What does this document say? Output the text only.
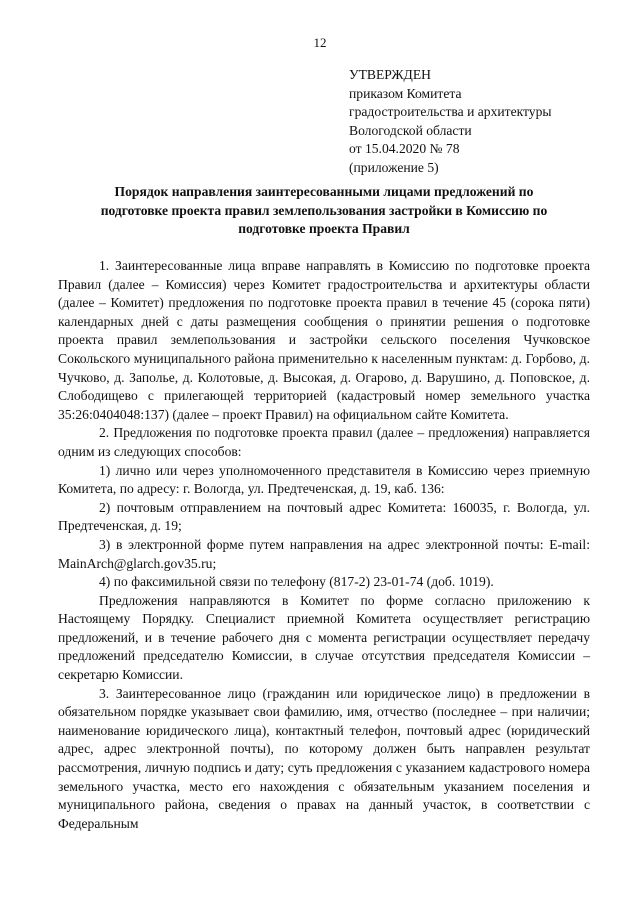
12
УТВЕРЖДЕН
приказом Комитета
градостроительства и архитектуры
Вологодской области
от 15.04.2020 № 78
(приложение 5)
Порядок направления заинтересованными лицами предложений по
подготовке проекта правил землепользования застройки в Комиссию по
подготовке проекта Правил

1. Заинтересованные лица вправе направлять в Комиссию по подготовке проекта Правил (далее – Комиссия) через Комитет градостроительства и архитектуры области (далее – Комитет) предложения по подготовке проекта правил в течение 45 (сорока пяти) календарных дней с даты размещения сообщения о принятии решения о подготовке проекта правил землепользования и застройки сельского поселения Чучковское Сокольского муниципального района применительно к населенным пунктам: д. Горбово, д. Чучково, д. Заполье, д. Колотовые, д. Высокая, д. Огарово, д. Варушино, д. Поповское, д. Слободищево с прилегающей территорией (кадастровый номер земельного участка 35:26:0404048:137) (далее – проект Правил) на официальном сайте Комитета.

2. Предложения по подготовке проекта правил (далее – предложения) направляется одним из следующих способов:

1) лично или через уполномоченного представителя в Комиссию через приемную Комитета, по адресу: г. Вологда, ул. Предтеченская, д. 19, каб. 136:

2) почтовым отправлением на почтовый адрес Комитета: 160035, г. Вологда, ул. Предтеченская, д. 19;

3) в электронной форме путем направления на адрес электронной почты: E-mail: MainArch@glarch.gov35.ru;

4) по факсимильной связи по телефону (817-2) 23-01-74 (доб. 1019).

Предложения направляются в Комитет по форме согласно приложению к Настоящему Порядку. Специалист приемной Комитета осуществляет регистрацию предложений, и в течение рабочего дня с момента регистрации осуществляет передачу предложений председателю Комиссии, в случае отсутствия председателя Комиссии – секретарю Комиссии.

3. Заинтересованное лицо (гражданин или юридическое лицо) в предложении в обязательном порядке указывает свои фамилию, имя, отчество (последнее – при наличии; наименование юридического лица), контактный телефон, почтовый адрес (юридический адрес, адрес электронной почты), по которому должен быть направлен результат рассмотрения, личную подпись и дату; суть предложения с указанием кадастрового номера земельного участка, место его нахождения с обязательным указанием поселения и муниципального района, сведения о правах на данный участок, в соответствии с Федеральным
